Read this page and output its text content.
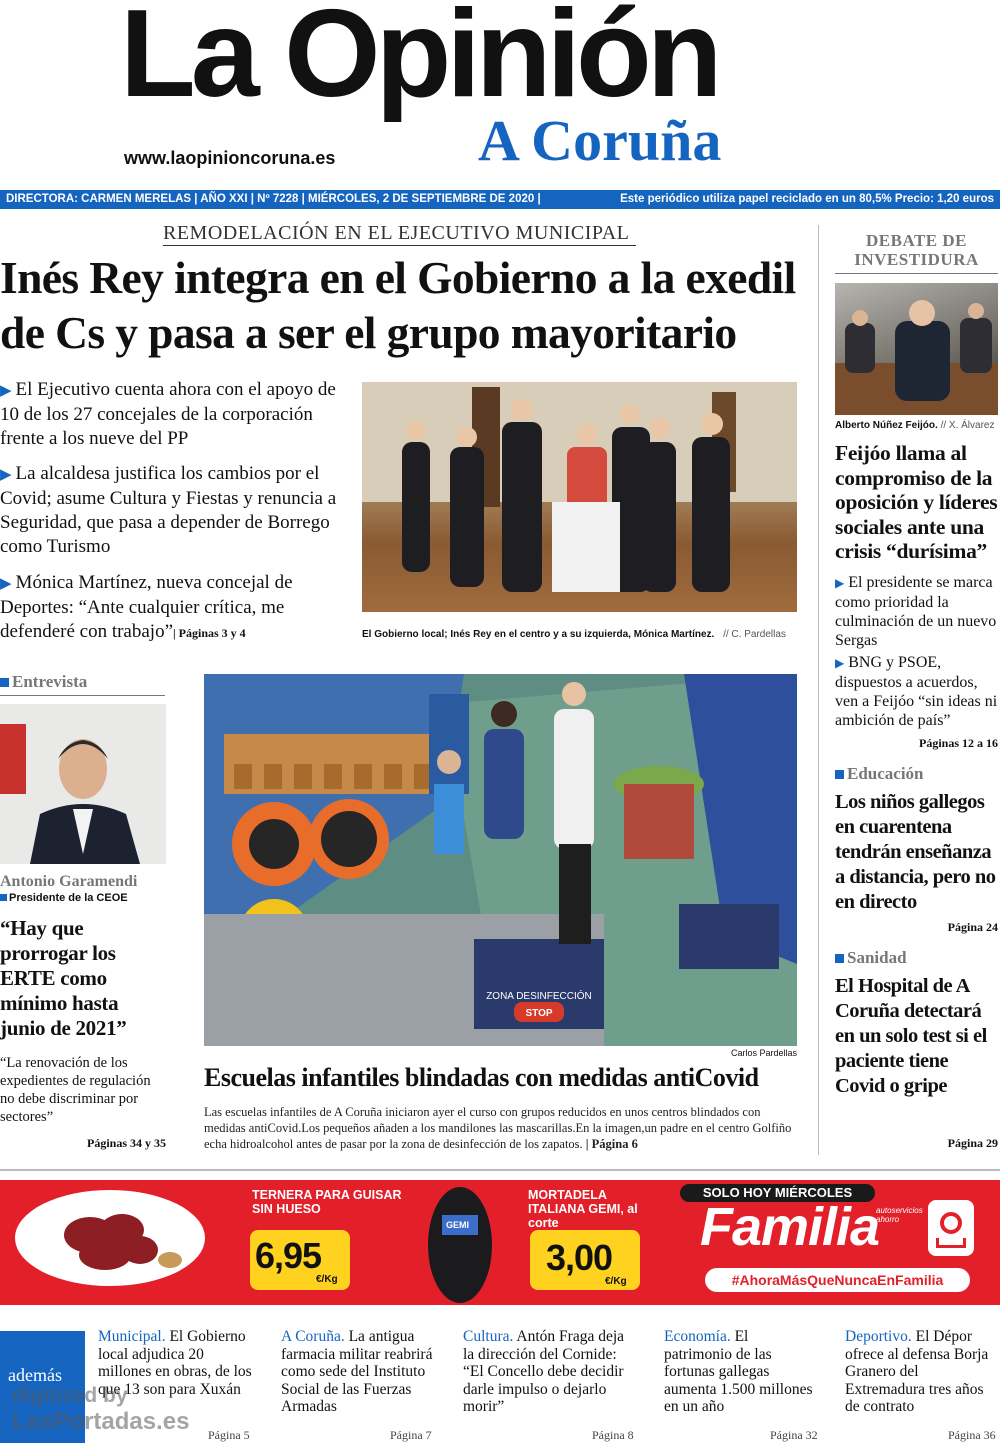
La Opinión
A Coruña
www.laopinioncoruna.es
DIRECTORA: CARMEN MERELAS | AÑO XXI | Nº 7228 | MIÉRCOLES, 2 DE SEPTIEMBRE DE 2020 |	Este periódico utiliza papel reciclado en un 80,5% Precio: 1,20 euros
REMODELACIÓN EN EL EJECUTIVO MUNICIPAL
Inés Rey integra en el Gobierno a la exedil
de Cs y pasa a ser el grupo mayoritario
▶ El Ejecutivo cuenta ahora con el apoyo de 10 de los 27 concejales de la corporación frente a los nueve del PP
▶ La alcaldesa justifica los cambios por el Covid; asume Cultura y Fiestas y renuncia a Seguridad, que pasa a depender de Borrego como Turismo
▶ Mónica Martínez, nueva concejal de Deportes: “Ante cualquier crítica, me defenderé con trabajo”| Páginas 3 y 4	El Gobierno local; Inés Rey en el centro y a su izquierda, Mónica Martínez. // C. Pardellas
DEBATE DE INVESTIDURA
Alberto Núñez Feijóo. // X. Álvarez
Feijóo llama al compromiso de la oposición y líderes sociales ante una crisis “durísima”
▶ El presidente se marca como prioridad la culminación de un nuevo Sergas
▶ BNG y PSOE, dispuestos a acuerdos, ven a Feijóo “sin ideas ni ambición de país”
Páginas 12 a 16
Educación
Los niños gallegos en cuarentena tendrán enseñanza a distancia, pero no en directo
Página 24
Sanidad
El Hospital de A Coruña detectará en un solo test si el paciente tiene Covid o gripe
Página 29
Entrevista
Antonio Garamendi
Presidente de la CEOE
“Hay que prorrogar los ERTE como mínimo hasta junio de 2021”
“La renovación de los expedientes de regulación no debe discriminar por sectores”
Páginas 34 y 35
ZONA DESINFECCIÓN
STOP
Carlos Pardellas
Escuelas infantiles blindadas con medidas antiCovid
Las escuelas infantiles de A Coruña iniciaron ayer el curso con grupos reducidos en unos centros blindados con medidas antiCovid.Los pequeños añaden a los mandilones las mascarillas.En la imagen,un padre en el centro Golfiño echa hidroalcohol antes de pasar por la zona de desinfección de los zapatos. | Página 6
TERNERA PARA GUISAR SIN HUESO
6,95
€/Kg
MORTADELA ITALIANA GEMI, al corte
3,00
€/Kg
GEMI
SOLO HOY MIÉRCOLES
Familia
autoservicios ahorro
#AhoraMásQueNuncaEnFamilia
además
Municipal. El Gobierno local adjudica 20 millones en obras, de los que 13 son para Xuxán
Página 5
A Coruña. La antigua farmacia militar reabrirá como sede del Instituto Social de las Fuerzas Armadas
Página 7
Cultura. Antón Fraga deja la dirección del Cornide: “El Concello debe decidir darle impulso o dejarlo morir”
Página 8
Economía. El patrimonio de las fortunas gallegas aumenta 1.500 millones en un año
Página 32
Deportivo. El Dépor ofrece al defensa Borja Granero del Extremadura tres años de contrato
Página 36
digitized by
LasPortadas.es
